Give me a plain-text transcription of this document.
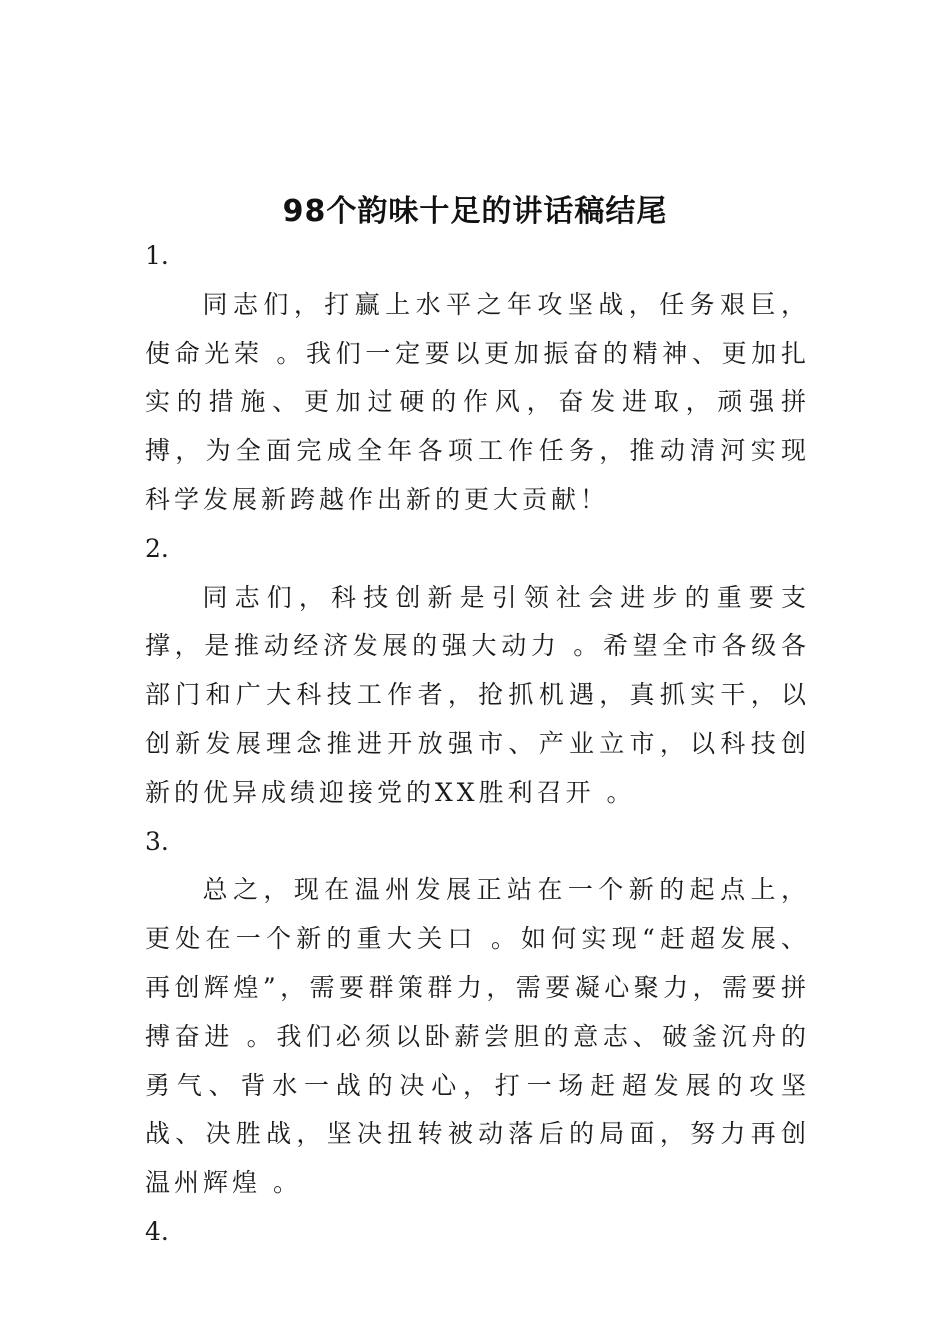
98个韵味十足的讲话稿结尾
1.

同志们，打赢上水平之年攻坚战，任务艰巨，使命光荣 。我们一定要以更加振奋的精神、更加扎实的措施、更加过硬的作风，奋发进取，顽强拼搏，为全面完成全年各项工作任务，推动清河实现科学发展新跨越作出新的更大贡献！

2.

同志们，科技创新是引领社会进步的重要支撑，是推动经济发展的强大动力 。希望全市各级各部门和广大科技工作者，抢抓机遇，真抓实干，以创新发展理念推进开放强市、产业立市，以科技创新的优异成绩迎接党的XX胜利召开 。

3.

总之，现在温州发展正站在一个新的起点上，更处在一个新的重大关口 。如何实现“赶超发展、再创辉煌”，需要群策群力，需要凝心聚力，需要拼搏奋进 。我们必须以卧薪尝胆的意志、破釜沉舟的勇气、背水一战的决心，打一场赶超发展的攻坚战、决胜战，坚决扭转被动落后的局面，努力再创温州辉煌 。

4.
